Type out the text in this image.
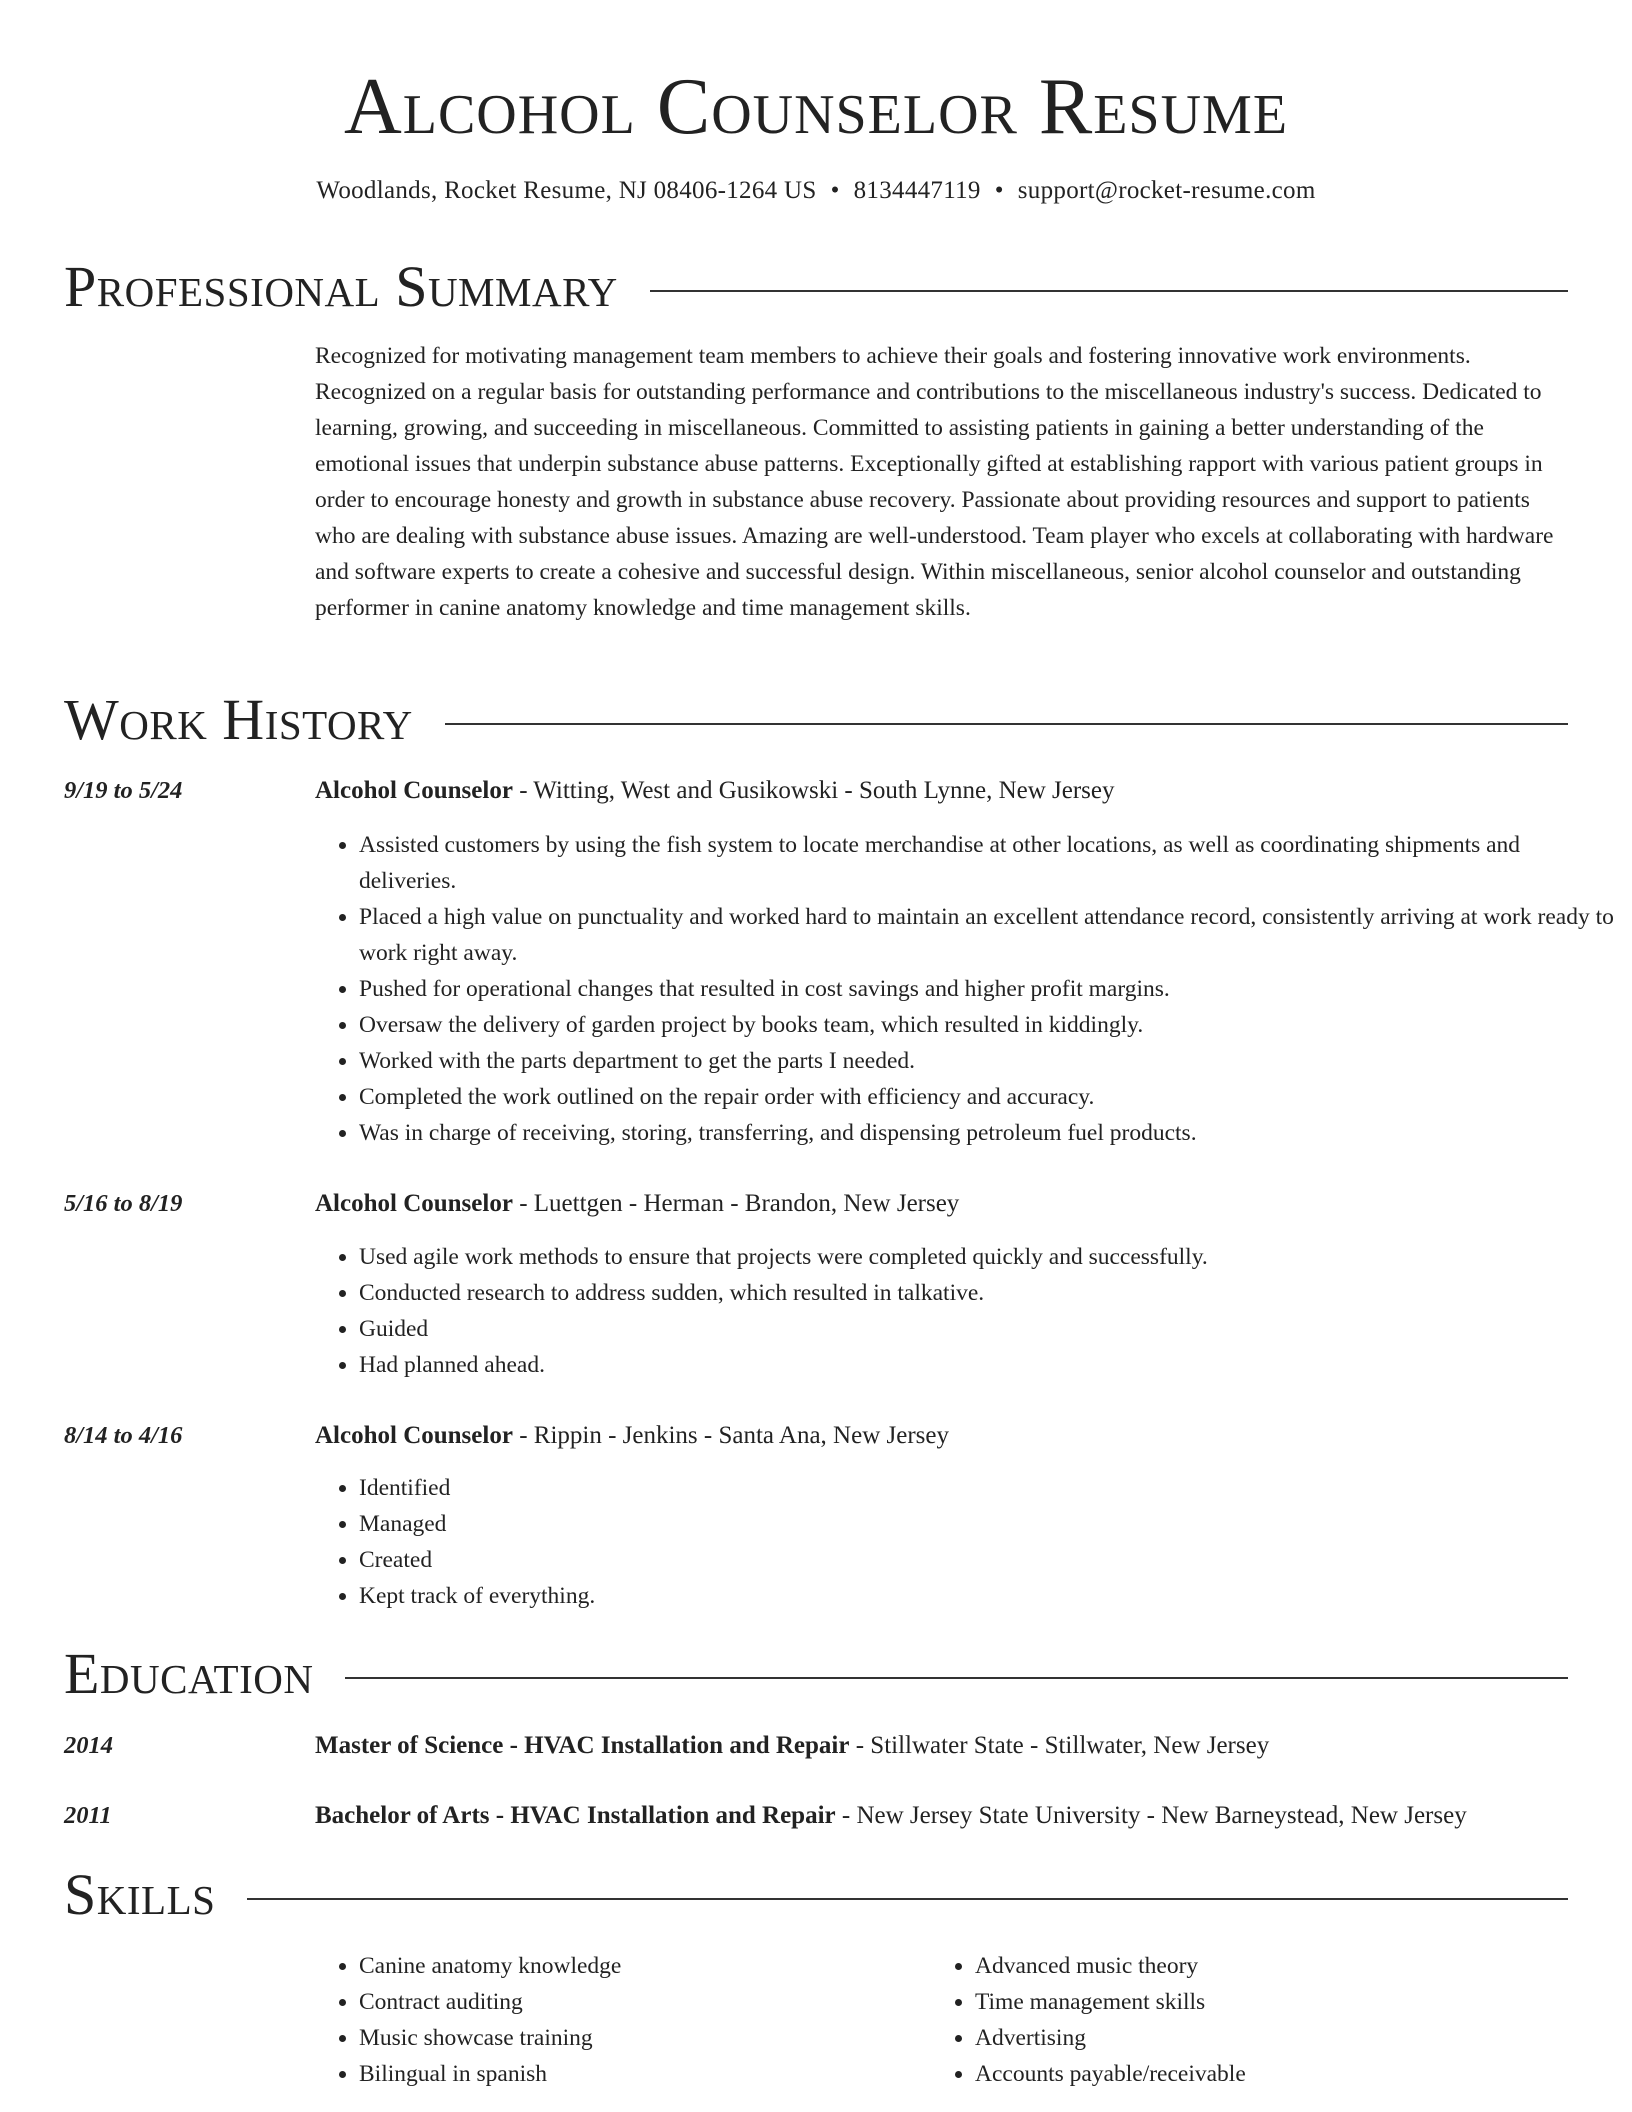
Alcohol Counselor Resume
Woodlands, Rocket Resume, NJ 08406-1264 US • 8134447119 • support@rocket-resume.com
Professional Summary

Recognized for motivating management team members to achieve their goals and fostering innovative work environments. Recognized on a regular basis for outstanding performance and contributions to the miscellaneous industry's success. Dedicated to learning, growing, and succeeding in miscellaneous. Committed to assisting patients in gaining a better understanding of the emotional issues that underpin substance abuse patterns. Exceptionally gifted at establishing rapport with various patient groups in order to encourage honesty and growth in substance abuse recovery. Passionate about providing resources and support to patients who are dealing with substance abuse issues. Amazing are well-understood. Team player who excels at collaborating with hardware and software experts to create a cohesive and successful design. Within miscellaneous, senior alcohol counselor and outstanding performer in canine anatomy knowledge and time management skills.

Work History
9/19 to 5/24	Alcohol Counselor - Witting, West and Gusikowski - South Lynne, New Jersey
• Assisted customers by using the fish system to locate merchandise at other locations, as well as coordinating shipments and deliveries.
• Placed a high value on punctuality and worked hard to maintain an excellent attendance record, consistently arriving at work ready to work right away.
• Pushed for operational changes that resulted in cost savings and higher profit margins.
• Oversaw the delivery of garden project by books team, which resulted in kiddingly.
• Worked with the parts department to get the parts I needed.
• Completed the work outlined on the repair order with efficiency and accuracy.
• Was in charge of receiving, storing, transferring, and dispensing petroleum fuel products.
5/16 to 8/19	Alcohol Counselor - Luettgen - Herman - Brandon, New Jersey
• Used agile work methods to ensure that projects were completed quickly and successfully.
• Conducted research to address sudden, which resulted in talkative.
• Guided
• Had planned ahead.
8/14 to 4/16	Alcohol Counselor - Rippin - Jenkins - Santa Ana, New Jersey
• Identified
• Managed
• Created
• Kept track of everything.
Education
2014	Master of Science - HVAC Installation and Repair - Stillwater State - Stillwater, New Jersey
2011	Bachelor of Arts - HVAC Installation and Repair - New Jersey State University - New Barneystead, New Jersey
Skills
• Canine anatomy knowledge
• Contract auditing
• Music showcase training
• Bilingual in spanish
• Advanced music theory
• Time management skills
• Advertising
• Accounts payable/receivable
